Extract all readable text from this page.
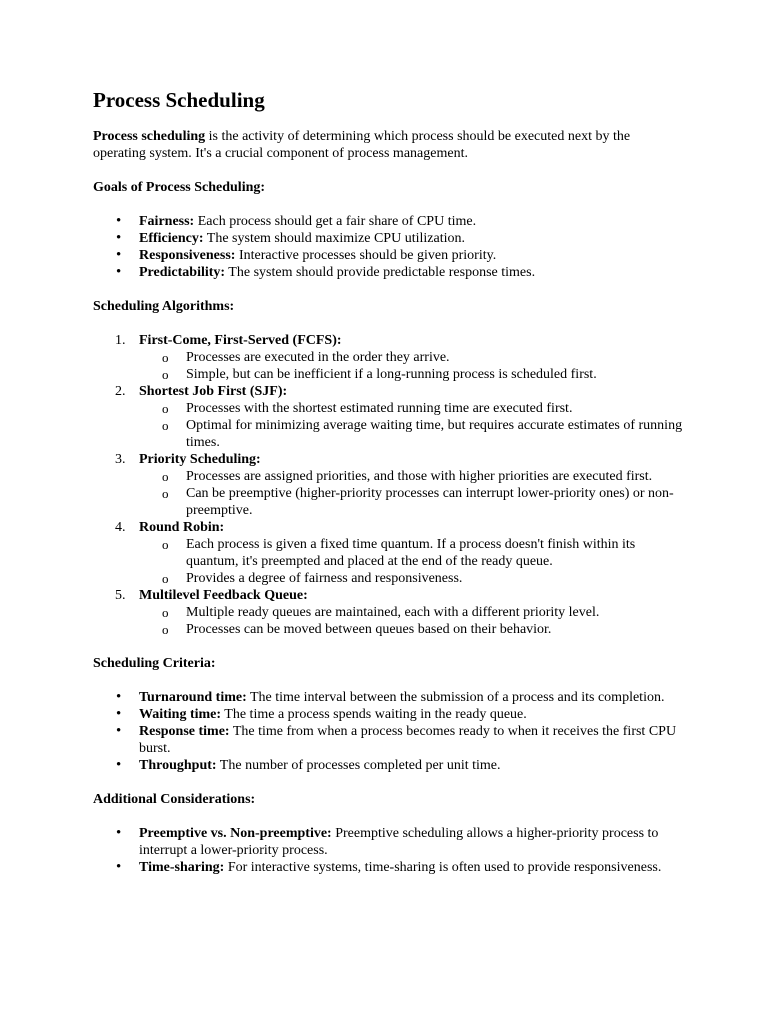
Process Scheduling

Process scheduling is the activity of determining which process should be executed next by the operating system. It's a crucial component of process management.

Goals of Process Scheduling:

• Fairness: Each process should get a fair share of CPU time.
• Efficiency: The system should maximize CPU utilization.
• Responsiveness: Interactive processes should be given priority.
• Predictability: The system should provide predictable response times.

Scheduling Algorithms:

1. First-Come, First-Served (FCFS):
o Processes are executed in the order they arrive.
o Simple, but can be inefficient if a long-running process is scheduled first.
2. Shortest Job First (SJF):
o Processes with the shortest estimated running time are executed first.
o Optimal for minimizing average waiting time, but requires accurate estimates of running times.
3. Priority Scheduling:
o Processes are assigned priorities, and those with higher priorities are executed first.
o Can be preemptive (higher-priority processes can interrupt lower-priority ones) or non-preemptive.
4. Round Robin:
o Each process is given a fixed time quantum. If a process doesn't finish within its quantum, it's preempted and placed at the end of the ready queue.
o Provides a degree of fairness and responsiveness.
5. Multilevel Feedback Queue:
o Multiple ready queues are maintained, each with a different priority level.
o Processes can be moved between queues based on their behavior.

Scheduling Criteria:

• Turnaround time: The time interval between the submission of a process and its completion.
• Waiting time: The time a process spends waiting in the ready queue.
• Response time: The time from when a process becomes ready to when it receives the first CPU burst.
• Throughput: The number of processes completed per unit time.

Additional Considerations:

• Preemptive vs. Non-preemptive: Preemptive scheduling allows a higher-priority process to interrupt a lower-priority process.
• Time-sharing: For interactive systems, time-sharing is often used to provide responsiveness.
